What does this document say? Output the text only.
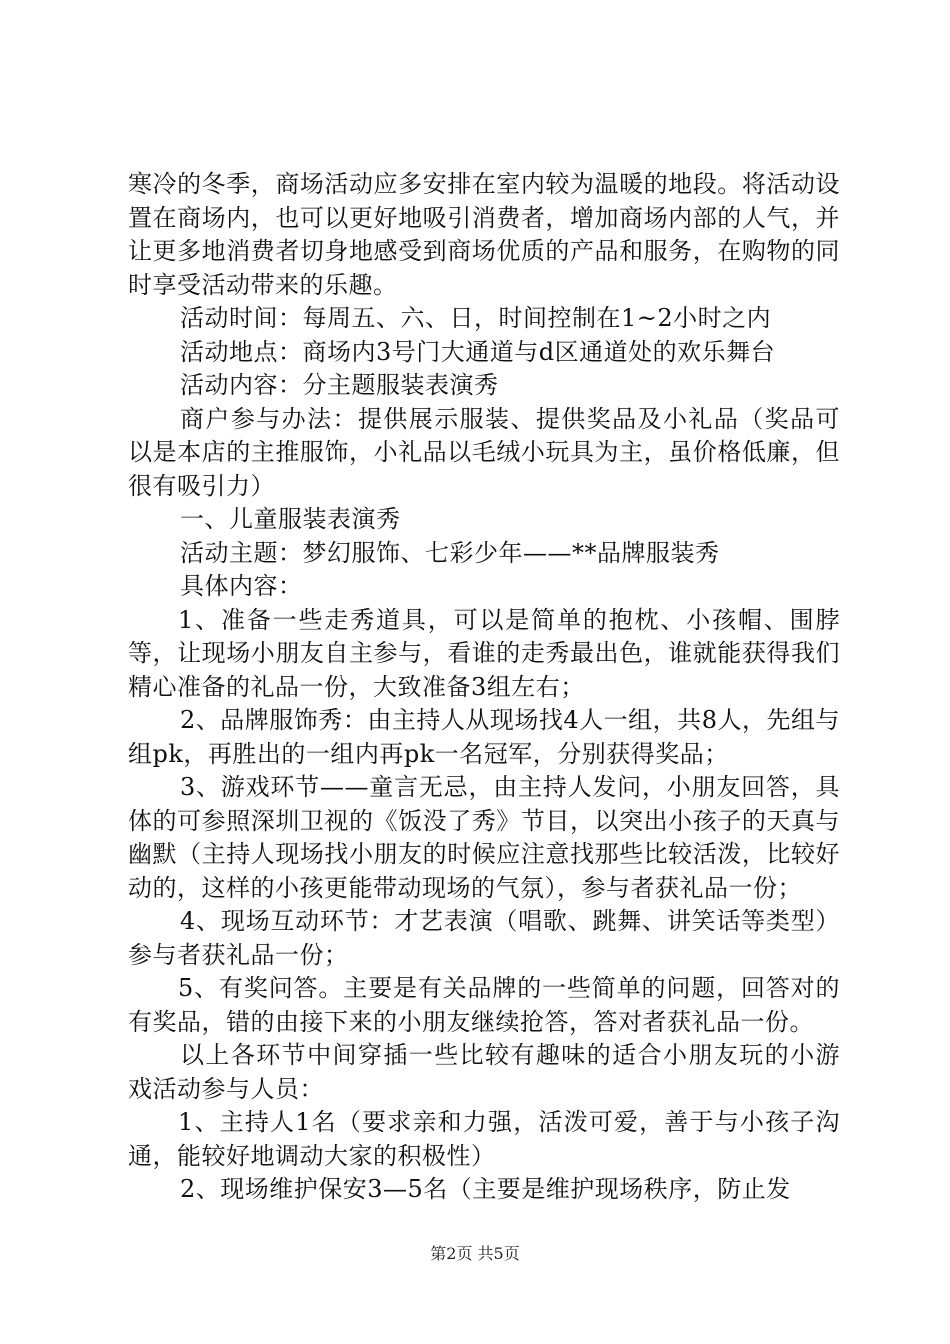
寒冷的冬季，商场活动应多安排在室内较为温暖的地段。将活动设置在商场内，也可以更好地吸引消费者，增加商场内部的人气，并让更多地消费者切身地感受到商场优质的产品和服务，在购物的同时享受活动带来的乐趣。

活动时间：每周五、六、日，时间控制在1~2小时之内

活动地点：商场内3号门大通道与d区通道处的欢乐舞台

活动内容：分主题服装表演秀

商户参与办法：提供展示服装、提供奖品及小礼品（奖品可以是本店的主推服饰，小礼品以毛绒小玩具为主，虽价格低廉，但很有吸引力）

一、儿童服装表演秀

活动主题：梦幻服饰、七彩少年——**品牌服装秀

具体内容：

1、准备一些走秀道具，可以是简单的抱枕、小孩帽、围脖等，让现场小朋友自主参与，看谁的走秀最出色，谁就能获得我们精心准备的礼品一份，大致准备3组左右；

2、品牌服饰秀：由主持人从现场找4人一组，共8人，先组与组pk，再胜出的一组内再pk一名冠军，分别获得奖品；

3、游戏环节——童言无忌，由主持人发问，小朋友回答，具体的可参照深圳卫视的《饭没了秀》节目，以突出小孩子的天真与幽默（主持人现场找小朋友的时候应注意找那些比较活泼，比较好动的，这样的小孩更能带动现场的气氛），参与者获礼品一份；

4、现场互动环节：才艺表演（唱歌、跳舞、讲笑话等类型）参与者获礼品一份；

5、有奖问答。主要是有关品牌的一些简单的问题，回答对的有奖品，错的由接下来的小朋友继续抢答，答对者获礼品一份。

以上各环节中间穿插一些比较有趣味的适合小朋友玩的小游戏活动参与人员：

1、主持人1名（要求亲和力强，活泼可爱，善于与小孩子沟通，能较好地调动大家的积极性）

2、现场维护保安3—5名（主要是维护现场秩序，防止发

第2页 共5页
